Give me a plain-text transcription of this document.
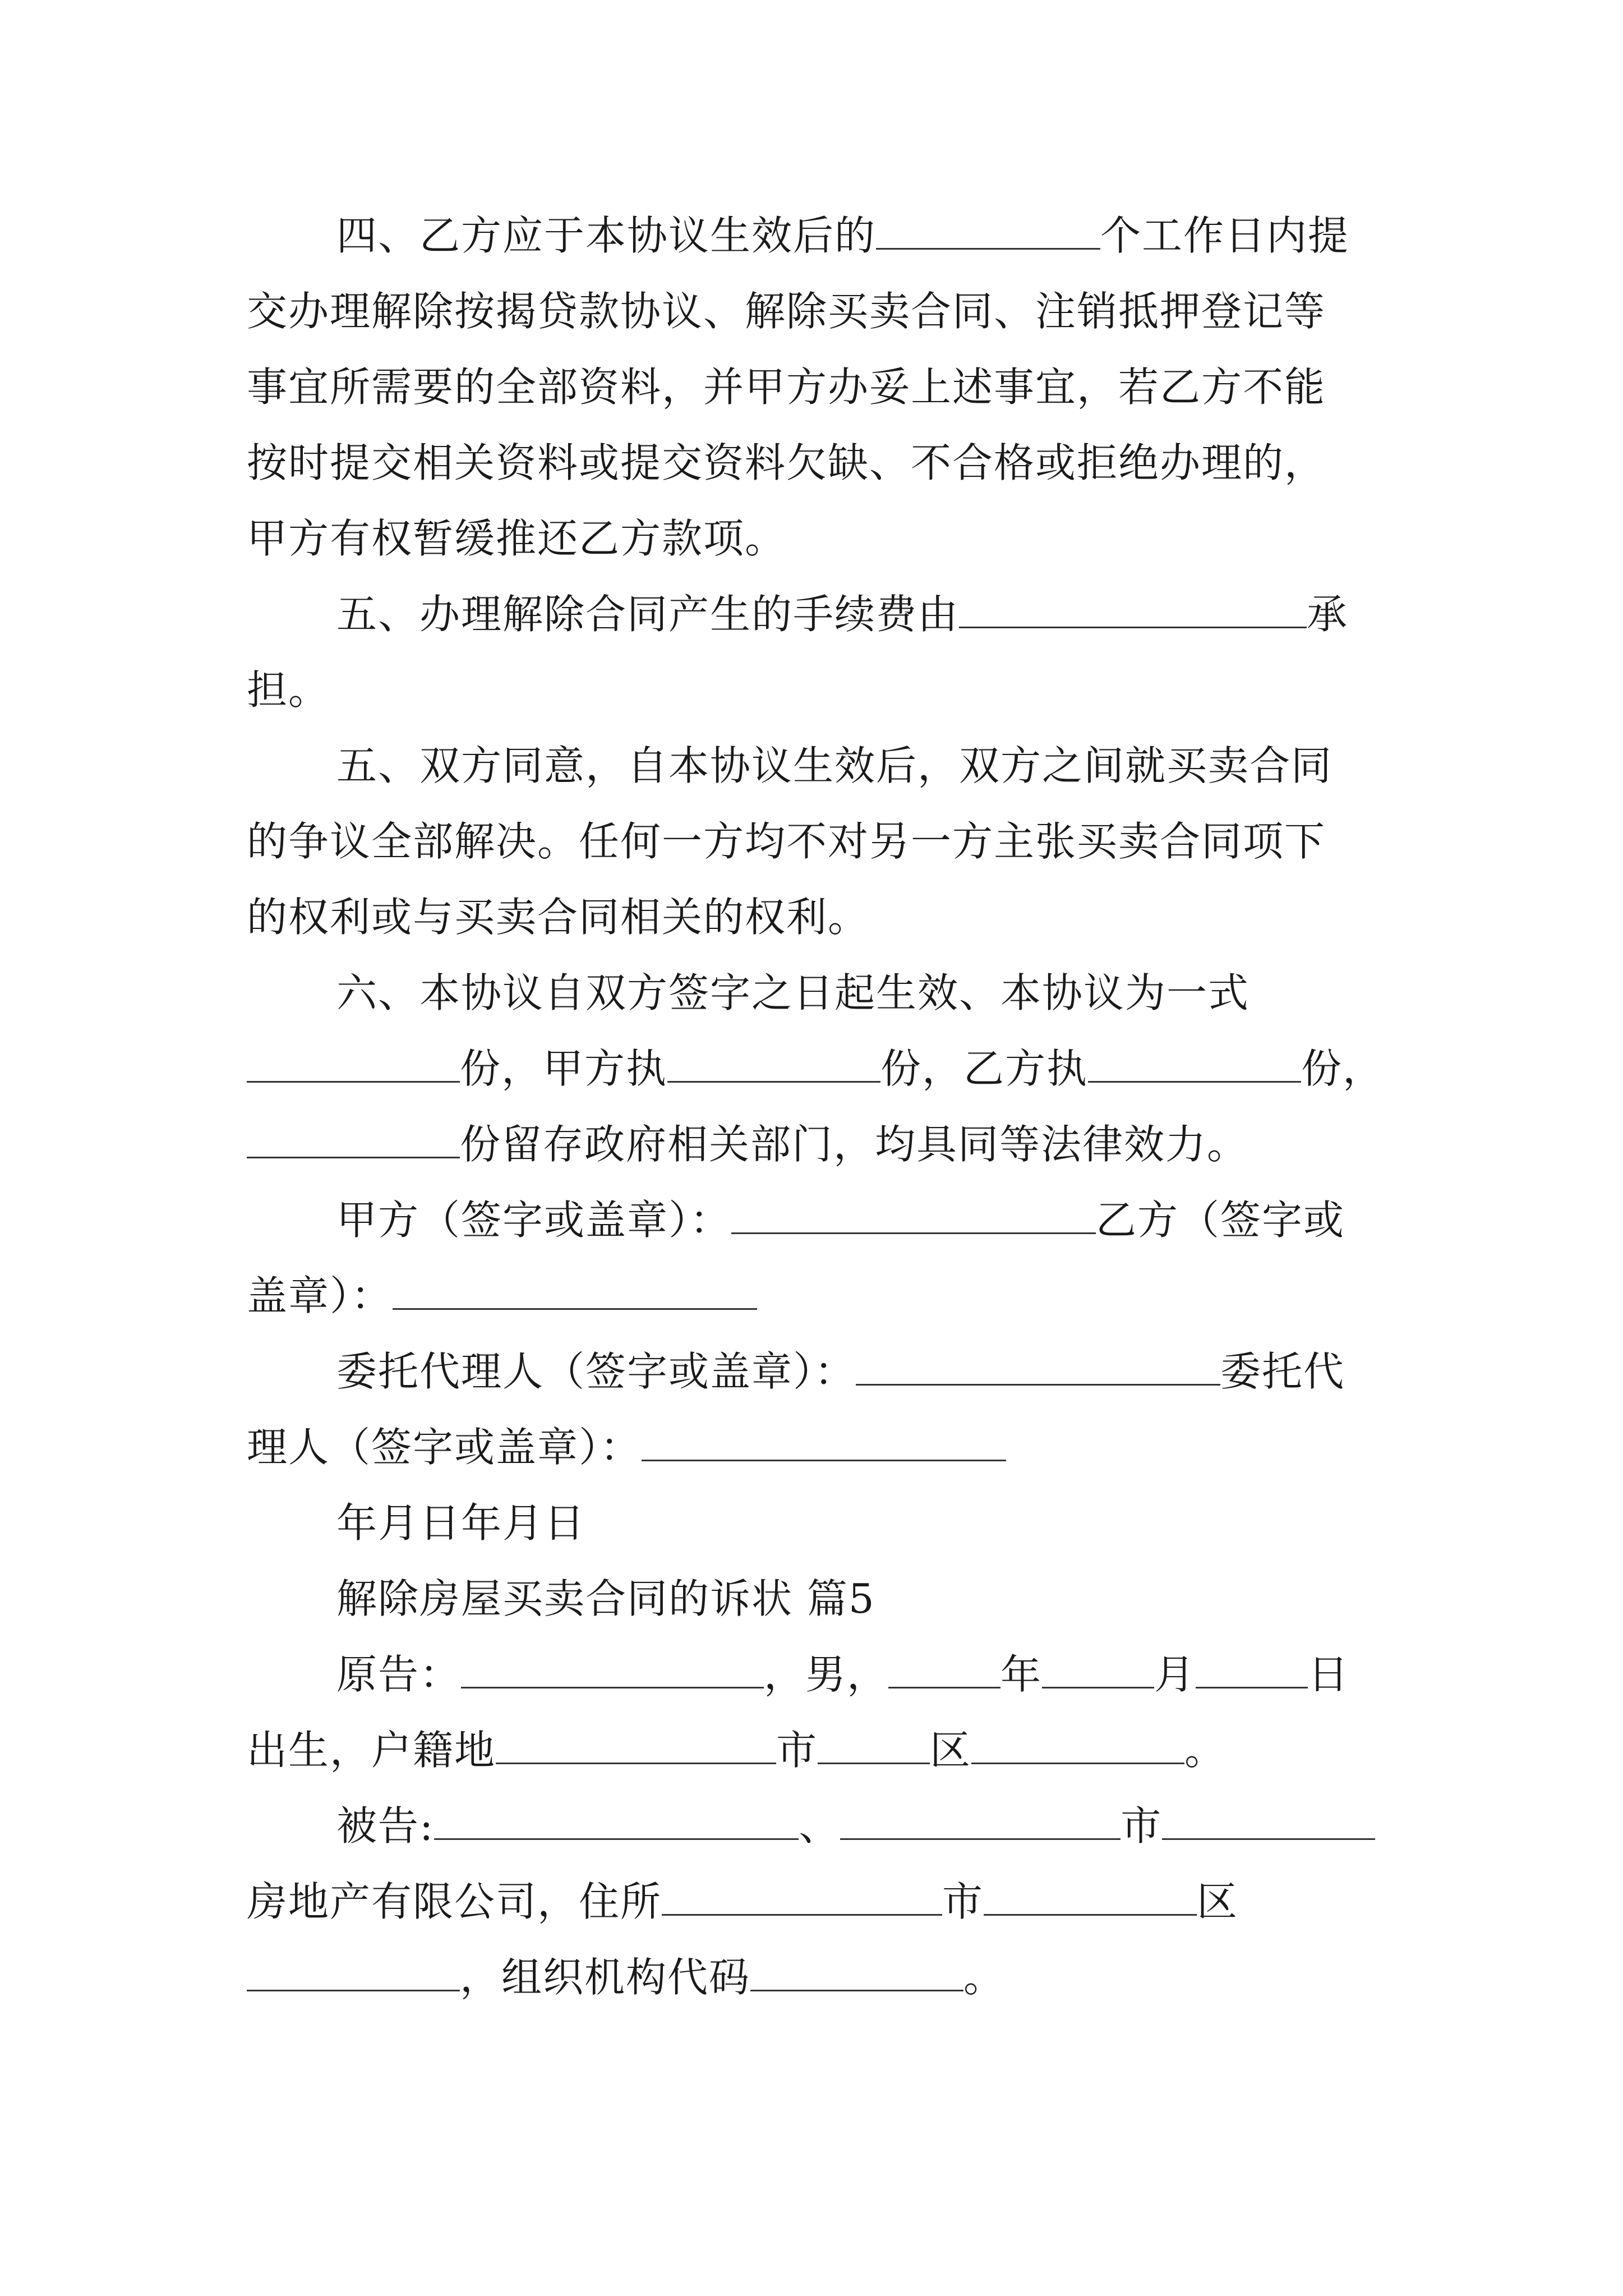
四、乙方应于本协议生效后的	个工作日内提
交办理解除按揭贷款协议、解除买卖合同、注销抵押登记等
事宜所需要的全部资料，并甲方办妥上述事宜，若乙方不能
按时提交相关资料或提交资料欠缺、不合格或拒绝办理的，
甲方有权暂缓推还乙方款项。
五、办理解除合同产生的手续费由	承
担。
五、双方同意，自本协议生效后，双方之间就买卖合同
的争议全部解决。任何一方均不对另一方主张买卖合同项下
的权利或与买卖合同相关的权利。
六、本协议自双方签字之日起生效、本协议为一式
份，甲方执	份，乙方执	份，
份留存政府相关部门，均具同等法律效力。
甲方（签字或盖章）：	乙方（签字或
盖章）：
委托代理人（签字或盖章）：	委托代
理人（签字或盖章）：
年月日年月日
解除房屋买卖合同的诉状 篇5
原告：	，男，	年	月	日
出生，户籍地	市	区	。
被告:	、	市
房地产有限公司，住所	市	区
，组织机构代码	。
